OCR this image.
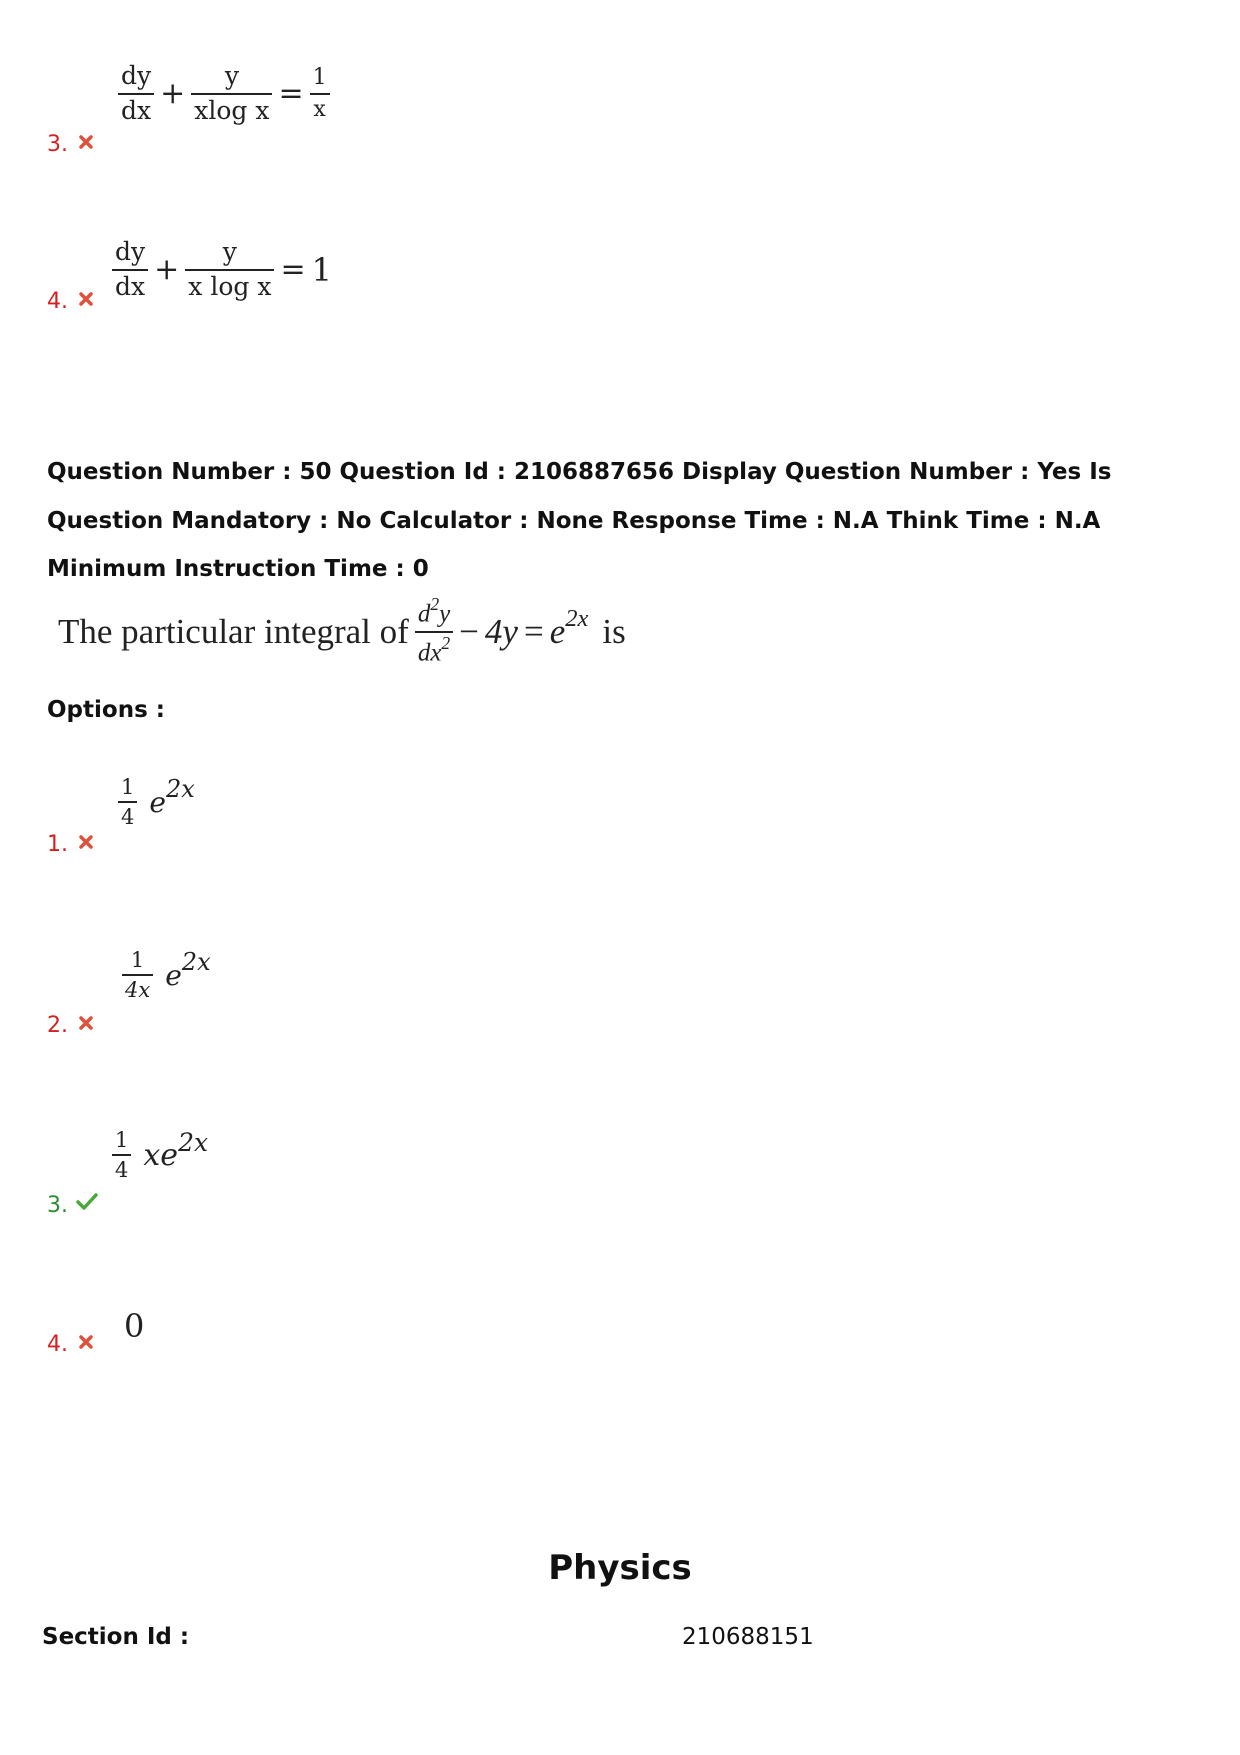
$\frac{dy}{dx} + \frac{y}{\text{xlog x}} = \frac{1}{x}$
3.
$\frac{dy}{dx} + \frac{y}{\text{x log x}} = 1$
4.
Question Number : 50 Question Id : 2106887656 Display Question Number : Yes Is Question Mandatory : No Calculator : None Response Time : N.A Think Time : N.A Minimum Instruction Time : 0
The particular integral of $\frac{d^2y}{dx^2} - 4y = e^{2x}$ is
Options :
$\frac{1}{4} e^{2x}$
1.
$\frac{1}{4x} e^{2x}$
2.
$\frac{1}{4} xe^{2x}$
3.
0
4.
Physics
Section Id :	210688151
